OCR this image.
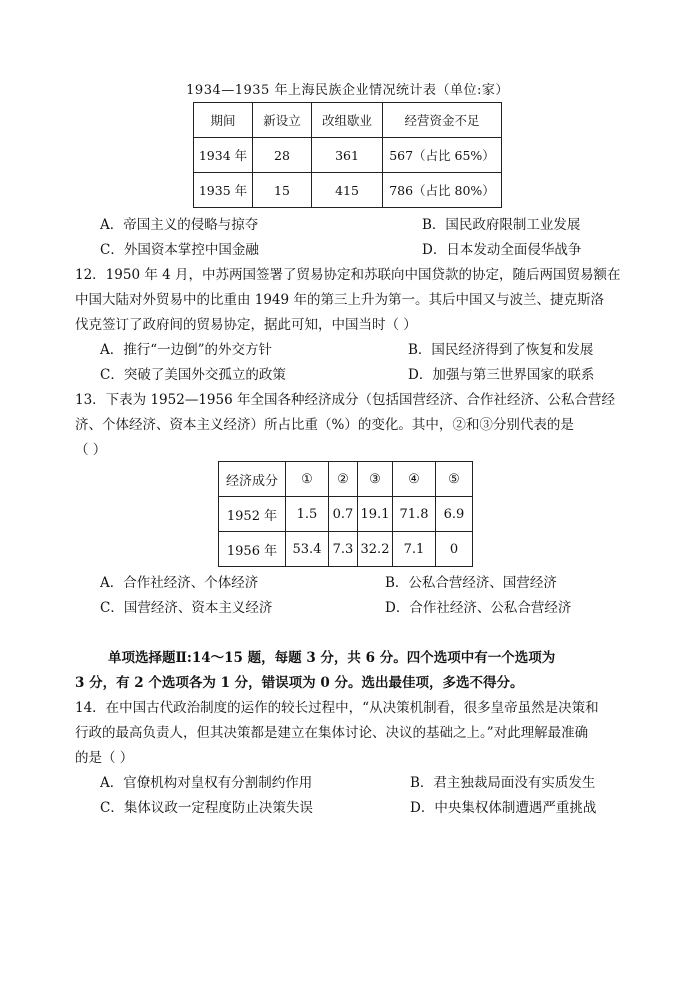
1934—1935 年上海民族企业情况统计表（单位:家）
期间	新设立	改组歇业	经营资金不足
1934 年	28	361	567（占比 65%）
1935 年	15	415	786（占比 80%）
A．帝国主义的侵略与掠夺	B．国民政府限制工业发展
C．外国资本掌控中国金融	D．日本发动全面侵华战争
12．1950 年 4 月，中苏两国签署了贸易协定和苏联向中国贷款的协定，随后两国贸易额在
中国大陆对外贸易中的比重由 1949 年的第三上升为第一。其后中国又与波兰、捷克斯洛
伐克签订了政府间的贸易协定，据此可知，中国当时（ ）
A．推行“一边倒”的外交方针	B．国民经济得到了恢复和发展
C．突破了美国外交孤立的政策	D．加强与第三世界国家的联系
13．下表为 1952—1956 年全国各种经济成分（包括国营经济、合作社经济、公私合营经
济、个体经济、资本主义经济）所占比重（%）的变化。其中，②和③分别代表的是
（ ）
经济成分	①	②	③	④	⑤
1952 年	1.5	0.7	19.1	71.8	6.9
1956 年	53.4	7.3	32.2	7.1	0
A．合作社经济、个体经济	B．公私合营经济、国营经济
C．国营经济、资本主义经济	D．合作社经济、公私合营经济
单项选择题Ⅱ:14～15 题，每题 3 分，共 6 分。四个选项中有一个选项为
3 分，有 2 个选项各为 1 分，错误项为 0 分。选出最佳项，多选不得分。
14．在中国古代政治制度的运作的较长过程中，“从决策机制看，很多皇帝虽然是决策和
行政的最高负责人，但其决策都是建立在集体讨论、决议的基础之上。”对此理解最准确
的是（ ）
A．官僚机构对皇权有分割制约作用	B．君主独裁局面没有实质发生
C．集体议政一定程度防止决策失误	D．中央集权体制遭遇严重挑战
